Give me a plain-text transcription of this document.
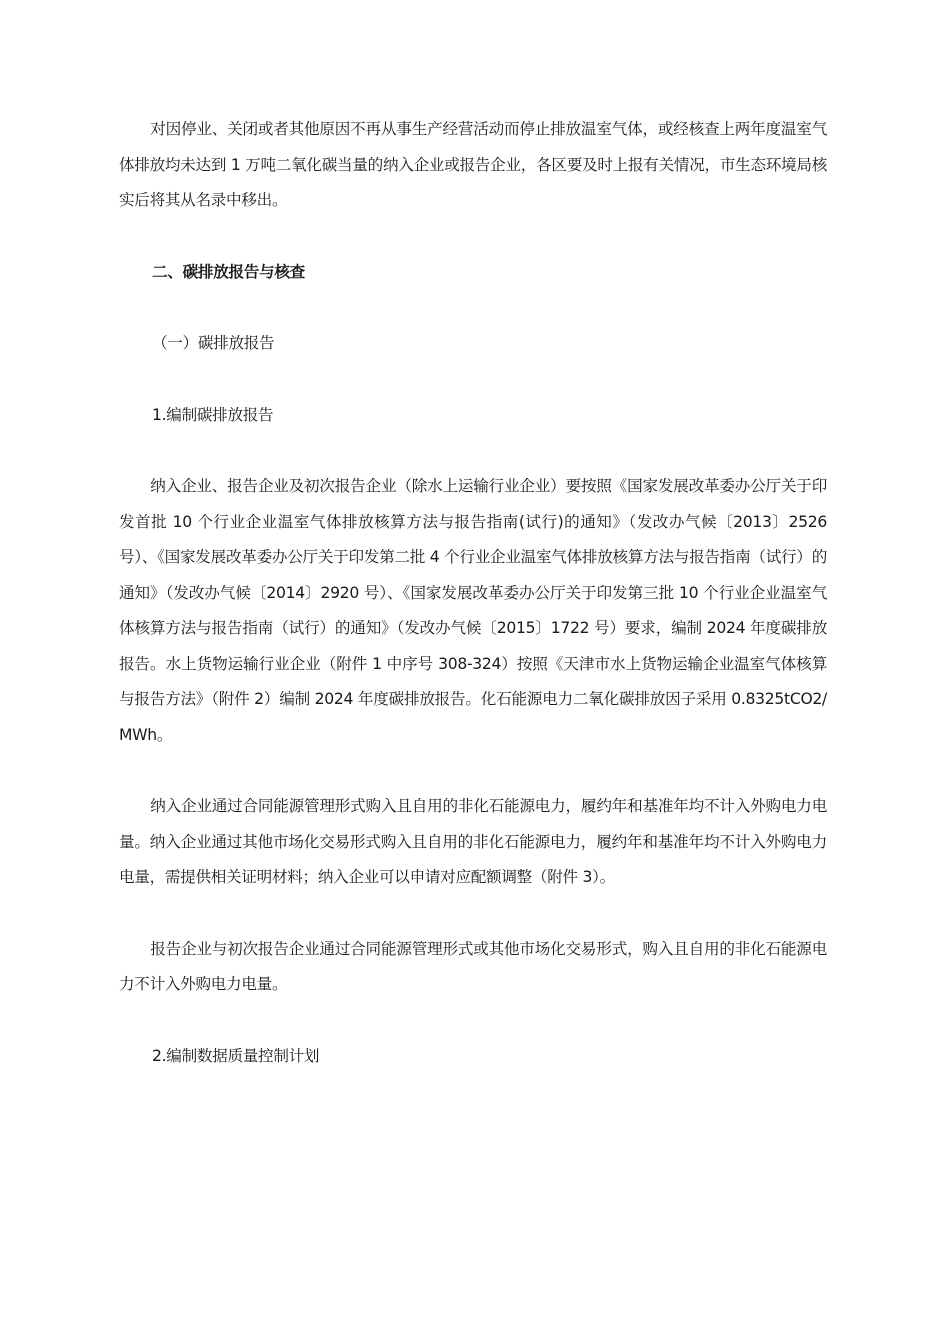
对因停业、关闭或者其他原因不再从事生产经营活动而停止排放温室气体，或经核查上两年度温室气体排放均未达到 1 万吨二氧化碳当量的纳入企业或报告企业，各区要及时上报有关情况，市生态环境局核实后将其从名录中移出。

二、碳排放报告与核查

（一）碳排放报告

1.编制碳排放报告

纳入企业、报告企业及初次报告企业（除水上运输行业企业）要按照《国家发展改革委办公厅关于印发首批 10 个行业企业温室气体排放核算方法与报告指南(试行)的通知》（发改办气候〔2013〕2526 号）、《国家发展改革委办公厅关于印发第二批 4 个行业企业温室气体排放核算方法与报告指南（试行）的通知》（发改办气候〔2014〕2920 号）、《国家发展改革委办公厅关于印发第三批 10 个行业企业温室气体核算方法与报告指南（试行）的通知》（发改办气候〔2015〕1722 号）要求，编制 2024 年度碳排放报告。水上货物运输行业企业（附件 1 中序号 308-324）按照《天津市水上货物运输企业温室气体核算与报告方法》（附件 2）编制 2024 年度碳排放报告。化石能源电力二氧化碳排放因子采用 0.8325tCO2/MWh。

纳入企业通过合同能源管理形式购入且自用的非化石能源电力，履约年和基准年均不计入外购电力电量。纳入企业通过其他市场化交易形式购入且自用的非化石能源电力，履约年和基准年均不计入外购电力电量，需提供相关证明材料；纳入企业可以申请对应配额调整（附件 3）。

报告企业与初次报告企业通过合同能源管理形式或其他市场化交易形式，购入且自用的非化石能源电力不计入外购电力电量。

2.编制数据质量控制计划
